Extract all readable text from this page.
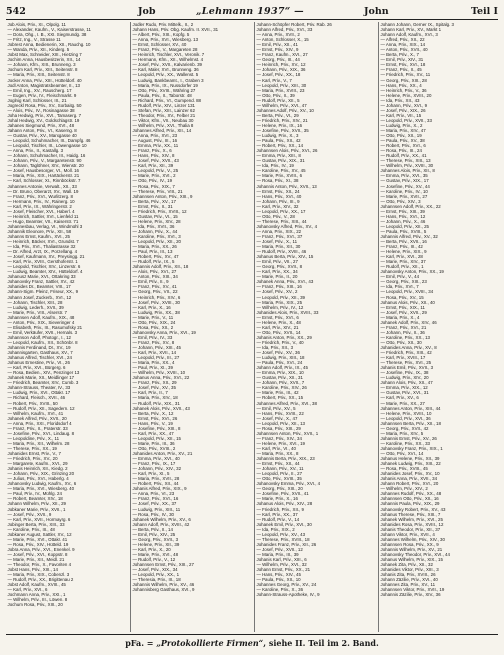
542	Job	„Lehmann 1937“ —	John	Teil I

Job Alois, Priv., XI., Olpolg. 11

— Alexander, Kaufm., V., Kaiserstrasse, 11

— Dora, Ohg., I. B., XXI. Siegmundg. 38

— Fritz, Ing., V., Strasse 11

Jobrest Anna, Bedienerin, XII., Rauchg. 10

— Wanda, Priv., XII., Kinderg. 5

Jobst Max, Schneider, XIII., Hietzing 7

Jochim Anna, Hausbesitzerin, XII., 14

— Johann, Kfm., XIII., Brunneng. 3

Jochum Karl, Priv., XIII., Seitenstr. 8

— Maria, Priv., XIII., Seitenstr. 8

Jocker Anna, Priv., XIII., Hütteldorf. 40

Jodl Anton, Magistratsbeamter, II., 13

— Emil, Ing., XV., Rauscherg. 17

— Eugen, Priv., IV., Fleischmarkt. 9

Joglnig Karl, Schlosser, III., 21

Jogreckl Rosa, Priv., XV., Sorbaitg. 50

— Alois, Priv., IV., Rosinagasse 38

Joha Hedwig, Priv., XVI., Tamaserg. 7

Johal Hedwig, XV., Goldschlagstr. 19

Jahanes Siegmund, Priv., XVI., 48

Jahann Anton, Priv., VI., Kaserng. 8

— Gustav, Priv., XV., Marxgasse 40

— Leopold, Schuhmacher, III., Dampfg. 46

— Leopold, Tischler, III., Löwengasse 10

— Anna, Priv., II., Kastallg. 3

— Johann, Schuhmacher, III., Haidg. 16

— Johann, Priv., V., Margaretenstr. 90

— Johann, Taglöhner, XIV., Wienstr. 20

— Josef, Hausbesorger, VI., Moll. 16

— Maria, Priv., XIX., Hartäckerstr. 21

— Karl, Schlosser, XI., Rinnböckstr. 7

Johannes Antonie, Verwalt., XII., 33

— Dr. Bruno, Oberarzt, XV., Wall. 19

— Franz, Priv., XVI., Wurlitzerg. 8

— Hermann, Priv., IV., Rainerg. 10

— Karl, Priv., IX., Währingerstr. 2

— Josef, Fleischer, XVI., Haberl. 4

— Heinrich, Sattler, XVI., Lienfeld 11

— Hugo, Beamter, VII., Kaiserstr. 71

Johannesbau, Verlag, VI., Windmühl 3

Johannik Eleonore, Priv., XII., 58

Johanns Ernst, Kaufm., XVI., 25

— Heinrich, Bäcker, XVI., Grundst. 7

— Ida, Priv., XVI., Thaliastrasse 32

— Dr. Alfred, Arzt, IX., Porzellang. 4

— Josef, Kaufmann, XV., Preysingg. 21

— Karl, Priv., XVIII., Gersthoferstr. 1

— Leopold, Tischler, XIV., Linzerstr. 6

— Ludwig, Beamter, XIV., Hütteldorf. 4

Johanusz Marie, XVI., Ottakring 33

Johanovsky Franz, Sattler, XV., 42

Johanides Dr., Beamter, VIII., 17

Johann-Sigm. Pleinz, Friseur, XX., 9

Johann Josef, Zuckerb., XVI., 12

— Johann, Tischler, XIII., 28

— Ludwig, Lederh., XVII., 39

— Marie, Priv., VIII., Alserstr. 7

Johannsen Adolf, Kaufm., XIX., 48

— Anton, Priv., XIX., Sieveringer 4

— Elisabeth, Priv., III., Rasumofsky 21

— Emil, Verkäufer, XVII., Hernals. 3

Johannson Adolf, Photogr., I., 12

— Leopold, Kaufm., XII., Schönbr. 8

Johannis Ferdinand, Dr., XV., 19

Johannisgarten, Gasthaus, XV., 7

Johanus Alfred, Tischler, XVI., 24

Johanus Ernestine, Priv., VI., 26

— Karl, Priv., XVI., Bürgerg. 6

— Rosa, Bedien., XIV., Penzinger 13

Johanek Marie, XII., Meidlinger 17

— Friedrich, Beamter, XIV., Cumb. 3

Johann-Strauss, Theater, IV., 33

— Ludwig, Priv., XVI., Ottakr. 17

— Richard, Fleisch., XVII., 46

— Robert, Priv., XVIII., 50

— Rudolf, Priv., XII., Sagedern. 12

— Wilhelm, Kaufm., XVI., 41

Johanek Alfred, Priv., XVII., 20

— Anna, Priv., XXI., Floridsdorf 4

— Franz, Priv., II., Praterstr. 33

— Josefine, Priv., XVI., Lindaug. 8

— Leopoldine, Priv., X., 11

— Maria, Priv., XII., Wilhelm. 28

— Therese, Priv., XX., 19

Johanides Ernst, Priv., V., 7

— Friedrich, Priv., XV., 20

— Margarete, Kaufm., XVI., 29

Johanis Heinrich, XII., Kiedg. 2

— Johann, Priv., XIX., Grinzing 20

— Julius, Priv., XVI., Haberlg. 4

Johanovsky Ludwig, Kaufm., XV., 6

— Maria, Priv., XVI., Wiesberg. 40

— Paul, Priv., IV., Mühlg. 24

— Robert, Beamter, XIV., 18

Johann Wilhelm, Priv., XII., 29

Jobkaner Marie, Priv., XVII., 1

— Josef, Priv., XVII., 9

— Karl, Priv., XVII., Hormayrg. 6

Jobinger Berta, Priv., XIII., 33

— Karoline, Priv., III., 48

Jobkaner August, Sattler, XV., 12

— Marie, Priv., XVI., Ottakr. 41

— Rosa, Priv., XIV., Hütteld. 19

Jobra Anna, Priv., XVI., Enenkel. 9

— Josef, Priv., XVI., Koppstr. 8

— Marie, Priv., XII., Meidl. 21

— Theodor, Priv., X., Favoriten 4

Jobst Hans, Priv., XIII., 14

— Maria, Priv., XIX., Cobenzl. 3

— Rudolf, Priv., XX., Brigittenau 2

Jobst Adolf, Kaufm., XVIII., 45

— Karl, Priv., XVI., 6

Jochmann Anna, Priv., XXI., 1

— Wilhelm, Priv., III., Löwen. 8

Jochum Rosa, Priv., XIII., 20

Jodler Rudo, Priv. Mittelk., II., 2

Johann Hans, Priv. Obg. Kaufm. II. XVII., 31

— Albert, Priv., XIII., Kopfg. 5

— Anna, Priv., XVI., Wiesberg. 13

— Ernst, Schlosser, XV., 40

— Franz, Priv., V., Margareten 28

— Heinrich, Tischler, XVI., Veronik. 7

— Hermann, Kfm., XII., Wilhelmst. 4

— Josef, Priv., XVII., Kalvarienb. 39

— Karl, Maler, XVI., Brunneng. 36

— Leopold, Priv., XX., Wallenst. 5

— Ludwig, Bankbeamt., I., Graben 3

— Maria, Priv., IX., Nussdorfer 19

— Otto, Priv., XVIII., Währing 27

— Paula, Priv., II., Taborstr. 48

— Richard, Priv., VI., Gumpend. 88

— Rudolf, Priv., XIV., Linzer 131

— Stefan, Priv., XIII., Lainzer 62

— Theodor, Priv., XV., Felber 21

— Viktor, Kfm., VII., Neubau 30

— Wilhelm, Priv., XVI., Thalia 8

Johannes Alfred, Priv., XII., 14

— Anna, Priv., XVI., 23

— August, Priv., III., 16

— Emma, Priv., XX., 11

— Franz, Priv., X., 6

— Hans, Priv., XIV., 8

— Josef, Priv., XVII., 43

— Karl, Priv., XII., 39

— Leopold, Priv., V., 25

— Marie, Priv., XVI., 2

— Otto, Priv., IV., 19

— Rosa, Priv., XIX., 7

— Therese, Priv., VIII., 21

Johannsen Anton, Priv., XIII., 9

— Berta, Priv., XV., 17

— Ernst, Priv., II., 31

— Friedrich, Priv., XVIII., 12

— Gustav, Priv., VI., 15

— Helene, Priv., XIV., 28

— Ida, Priv., XVII., 36

— Johann, Priv., X., 44

— Karoline, Priv., XVI., 3

— Leopold, Priv., XII., 20

— Maria, Priv., XX., 26

— Paul, Priv., III., 13

— Robert, Priv., XV., 47

— Rudolf, Priv., IX., 5

Johannis Adolf, Priv., XII., 18

— Alois, Priv., XVI., 27

— Anton, Priv., XIII., 34

— Emil, Priv., II., 9

— Franz, Priv., XV., 41

— Georg, Priv., VII., 22

— Heinrich, Priv., XIV., 6

— Josef, Priv., XVIII., 30

— Karl, Priv., X., 16

— Ludwig, Priv., XX., 38

— Marie, Priv., V., 11

— Otto, Priv., XIX., 24

— Rosa, Priv., XII., 2

Johanovsky Anna, Priv., XVI., 19

— Emil, Priv., IV., 33

— Franz, Priv., XV., 8

— Johann, Priv., XIII., 45

— Karl, Priv., XVII., 14

— Leopold, Priv., III., 27

— Maria, Priv., XX., 4

— Paul, Priv., XI., 39

— Wilhelm, Priv., XVIII., 10

Johanus Anna, Priv., XVI., 22

— Franz, Priv., XII., 29

— Josef, Priv., XV., 35

— Karl, Priv., II., 7

— Maria, Priv., XIV., 18

— Rudolf, Priv., XIX., 31

Johanek Alois, Priv., XVII., 43

— Berta, Priv., X., 12

— Ernst, Priv., XVI., 26

— Hans, Priv., V., 19

— Josefine, Priv., XIII., 8

— Karl, Priv., XX., 47

— Leopold, Priv., XII., 15

— Marie, Priv., III., 36

— Otto, Priv., XVIII., 2

Johanides Anton, Priv., XV., 21

— Emma, Priv., XVI., 40

— Franz, Priv., IX., 17

— Johann, Priv., XIV., 32

— Karl, Priv., XI., 5

— Maria, Priv., XVII., 28

— Robert, Priv., XII., 44

Johanis Alfred, Priv., XIX., 9

— Anna, Priv., VI., 23

— Franz, Priv., XVI., 16

— Josef, Priv., XX., 37

— Ludwig, Priv., XIII., 11

— Rosa, Priv., IV., 30

Johanek Wilhelm, Priv., XV., 6

Johann Adolf, Priv., XVIII., 42

— Berta, Priv., II., 14

— Emil, Priv., XIV., 25

— Georg, Priv., XVII., 3

— Helene, Priv., XII., 39

— Karl, Priv., X., 20

— Marie, Priv., XVI., 48

— Rudolf, Priv., V., 12

Johannsen Ernst, Priv., XIII., 27

— Josef, Priv., XIX., 34

— Leopold, Priv., XX., 1

— Theresia, Priv., III., 18

Johannis Wilhelm, Priv., XV., 46

Johannisberg Gasthaus, XVI., 9

Johann-Schöpfer Robert, Priv. Rab. 26

Johann Alfred, Priv., XVI., 33

— Anna, Priv., XVII., 2

— Anton, Schlosser, X., 15

— Emil, Priv., XII., 41

— Ernst, Priv., XIV., 9

— Franz, Kaufm., XVI., 27

— Georg, Priv., III., 44

— Heinrich, Priv., XV., 12

— Johann, Priv., XIX., 36

— Josef, Priv., XX., 18

— Karl, Priv., V., 7

— Leopold, Priv., XIII., 30

— Maria, Priv., XVIII., 23

— Otto, Priv., II., 39

— Rudolf, Priv., XII., 5

— Wilhelm, Priv., XVI., 47

Johannes Adolf, Priv., XV., 10

— Berta, Priv., VI., 29

— Friedrich, Priv., XIV., 21

— Helene, Priv., IX., 16

— Josefine, Priv., XVII., 35

— Ludwig, Priv., X., 3

— Paula, Priv., XII., 42

— Robert, Priv., XX., 14

Johannsen Alois, Priv., XVI., 26

— Emma, Priv., XIII., 8

— Gustav, Priv., XIX., 31

— Ida, Priv., IV., 19

— Karoline, Priv., XV., 45

— Marie, Priv., XVIII., 6

— Rosa, Priv., XI., 38

Johannis Anton, Priv., XVII., 13

— Ernst, Priv., XII., 24

— Hans, Priv., XVI., 40

— Johann, Priv., III., 9

— Karl, Priv., XIV., 32

— Leopold, Priv., XX., 17

— Otto, Priv., V., 28

— Therese, Priv., XIII., 44

Johanovsky Alfred, Priv., XV., 4

— Anna, Priv., XIX., 22

— Franz, Priv., XVI., 37

— Josef, Priv., X., 11

— Maria, Priv., XII., 30

— Rudolf, Priv., XVIII., 46

Johanus Berta, Priv., XIV., 15

— Emil, Priv., VII., 27

— Georg, Priv., XVII., 8

— Karl, Priv., XX., 34

— Marie, Priv., II., 20

Johanek Anna, Priv., XVI., 43

— Franz, Priv., XIII., 16

— Josef, Priv., XV., 2

— Leopold, Priv., XII., 39

— Maria, Priv., XIX., 25

— Wilhelm, Priv., IV., 12

Johanides Alois, Priv., XVIII., 33

— Ernst, Priv., XVI., 6

— Helene, Priv., X., 48

— Karl, Priv., XIV., 21

— Otto, Priv., XVII., 14

Johanis Anton, Priv., XX., 29

— Friedrich, Priv., V., 40

— Ida, Priv., XII., 3

— Josef, Priv., XV., 36

— Ludwig, Priv., XIII., 18

— Paula, Priv., XVI., 24

Johann Adolf, Priv., IX., 45

— Emma, Priv., XIX., 10

— Gustav, Priv., XII., 31

— Johann, Priv., XVII., 7

— Karoline, Priv., XIV., 26

— Marie, Priv., III., 42

— Robert, Priv., XX., 15

Johannes Alfred, Priv., XVI., 38

— Emil, Priv., XV., 5

— Hans, Priv., XVIII., 22

— Josef, Priv., X., 47

— Leopold, Priv., XII., 13

— Rosa, Priv., XIII., 29

Johannsen Anton, Priv., XVII., 1

— Franz, Priv., XIV., 34

— Helene, Priv., XVI., 19

— Karl, Priv., VI., 40

— Maria, Priv., XX., 8

Johannis Berta, Priv., XIX., 23

— Ernst, Priv., XII., 44

— Johann, Priv., XV., 11

— Leopold, Priv., II., 27

— Otto, Priv., XVIII., 35

Johanovsky Emma, Priv., XVI., 4

— Georg, Priv., XIII., 20

— Josefine, Priv., XVII., 41

— Marie, Priv., X., 16

Johanus Alois, Priv., XIV., 28

— Friedrich, Priv., XII., 9

— Karl, Priv., XX., 37

— Rudolf, Priv., V., 14

Johanek Emil, Priv., XVI., 30

— Ida, Priv., XIX., 2

— Leopold, Priv., XV., 43

— Therese, Priv., XVIII., 18

Johanides Franz, Priv., XII., 26

— Josef, Priv., XVII., 12

— Maria, Priv., III., 39

Johanis Karl, Priv., XIII., 6

— Wilhelm, Priv., XVI., 32

Johann Ernst, Priv., XX., 21

— Hans, Priv., XIV., 45

— Paula, Priv., XII., 10

Johannes Georg, Priv., XV., 24

— Karoline, Priv., X., 36

Johann-Strauss-Apotheke, IV., 9

Johann Johann, Gerner IX., Spitalg. 3

Johann Karl, Priv., XV., Markt 1

Johann Adolf, Kaufm., XVI., 3

— Alfred, Priv., XII., 22

— Anna, Priv., XIX., 14

— Anton, Priv., XVII., 40

— Berta, Priv., X., 7

— Emil, Priv., XIV., 31

— Ernst, Priv., XVI., 18

— Franz, Priv., II., 45

— Friedrich, Priv., XV., 11

— Georg, Priv., XIII., 28

— Hans, Priv., XX., 4

— Heinrich, Priv., V., 36

— Helene, Priv., XVIII., 20

— Ida, Priv., XII., 43

— Johann, Priv., XVI., 9

— Josef, Priv., XIX., 26

— Karl, Priv., VII., 15

— Leopold, Priv., XVII., 33

— Ludwig, Priv., X., 2

— Maria, Priv., XIV., 47

— Otto, Priv., XII., 19

— Paula, Priv., XV., 38

— Robert, Priv., XVI., 6

— Rosa, Priv., III., 24

— Rudolf, Priv., XX., 41

— Therese, Priv., XIII., 13

— Wilhelm, Priv., XVIII., 30

Johannes Alois, Priv., XII., 8

— Emma, Priv., XVI., 35

— Gustav, Priv., XIX., 17

— Josefine, Priv., XV., 44

— Karoline, Priv., IV., 10

— Marie, Priv., XVII., 27

— Otto, Priv., XIV., 3

Johannsen Adolf, Priv., XX., 22

— Ernst, Priv., XIII., 39

— Hans, Priv., XVI., 12

— Johann, Priv., X., 46

— Leopold, Priv., XII., 25

— Paula, Priv., XVIII., 5

Johannis Alfred, Priv., XV., 32

— Berta, Priv., XVII., 16

— Franz, Priv., III., 42

— Helene, Priv., XIX., 9

— Karl, Priv., XVI., 28

— Marie, Priv., XIV., 37

— Rudolf, Priv., XII., 1

Johanovsky Anton, Priv., XX., 19

— Emil, Priv., V., 44

— Georg, Priv., XIII., 23

— Ida, Priv., XVI., 7

— Leopold, Priv., XVIII., 34

— Rosa, Priv., XV., 15

Johanus Alois, Priv., XII., 40

— Ernst, Priv., XIX., 11

— Josef, Priv., XVII., 29

— Maria, Priv., X., 4

Johanek Adolf, Priv., XIV., 46

— Franz, Priv., XVI., 21

— Johann, Priv., II., 36

— Karoline, Priv., XX., 13

— Otto, Priv., XII., 30

Johanides Anna, Priv., XV., 8

— Friedrich, Priv., XIII., 42

— Karl, Priv., XVIII., 17

— Therese, Priv., XVI., 25

Johanis Emil, Priv., XVII., 3

— Josefine, Priv., IX., 38

— Ludwig, Priv., XIV., 20

Johann Alois, Priv., XII., 47

— Emma, Priv., XIX., 12

— Gustav, Priv., XVI., 31

— Karl, Priv., XV., 6

— Marie, Priv., XX., 27

Johannes Anton, Priv., XIII., 44

— Helene, Priv., XVIII., 10

— Leopold, Priv., XVI., 36

Johannsen Berta, Priv., XII., 18

— Georg, Priv., XVII., 42

— Maria, Priv., XIV., 5

Johannis Ernst, Priv., XV., 26

— Karoline, Priv., XX., 33

Johanovsky Franz, Priv., XIX., 1

— Otto, Priv., XVI., 14

Johanus Helene, Priv., XII., 39

Johanek Ludwig, Priv., XIII., 22

— Rosa, Priv., XVIII., 45

Johanides Josef, Priv., XV., 10

Johanis Anna, Priv., XVII., 34

Johann Robert, Priv., XVI., 20

— Wilhelm, Priv., XIV., 2

Johannes Rudolf, Priv., XX., 48

Johannsen Otto, Priv., XII., 16

Johannis Paula, Priv., XIX., 29

Johanovsky Robert, Priv., XV., 43

Johanus Therese, Priv., XIII., 7

Johanek Wilhelm, Priv., XVI., 25

Johanides Rosa, Priv., XVIII., 12

Johanis Theodor, Priv., XII., 37

Johann Viktor, Priv., XVII., 4

Johannes Wilhelm, Priv., XIV., 30

Johannsen Rosa, Priv., XX., 9

Johannis Wilhelm, Priv., XV., 21

Johanovsky Theodor, Priv., XVI., 44

Johanus Wilhelm, Priv., XIX., 15

Johanek Zita, Priv., XII., 32

Johanides Viktor, Priv., XIII., 3

Johanis Zita, Priv., XVIII., 26

Johann Zäzilie, Priv., XVI., 40

Johannes Zita, Priv., XV., 11

Johannsen Viktor, Priv., XVII., 19

Johannis Zäzilie, Priv., XIV., 36

pFa. = „Protokollierte Firmen“, siehe II. Teil im 2. Band.
